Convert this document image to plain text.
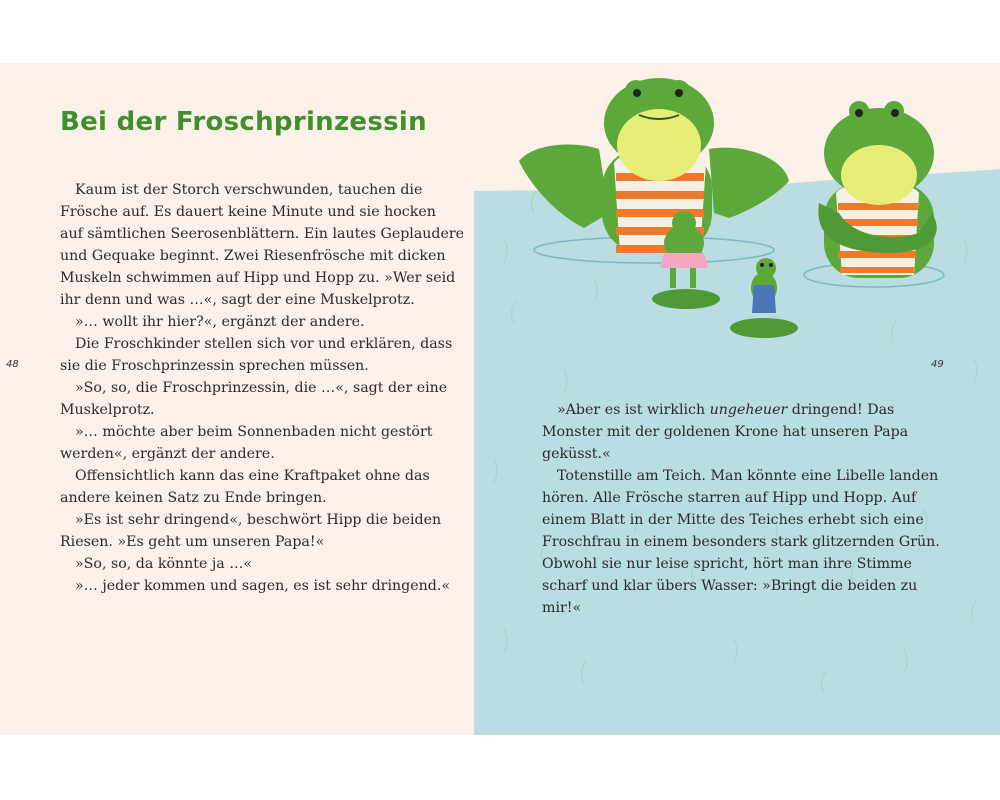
Bei der Froschprinzessin

Kaum ist der Storch verschwunden, tauchen die

Frösche auf. Es dauert keine Minute und sie hocken

auf sämtlichen Seerosenblättern. Ein lautes Geplaudere

und Gequake beginnt. Zwei Riesenfrösche mit dicken

Muskeln schwimmen auf Hipp und Hopp zu. »Wer seid

ihr denn und was …«, sagt der eine Muskelprotz.

»… wollt ihr hier?«, ergänzt der andere.

Die Froschkinder stellen sich vor und erklären, dass

sie die Froschprinzessin sprechen müssen.

»So, so, die Froschprinzessin, die …«, sagt der eine

Muskelprotz.

»… möchte aber beim Sonnenbaden nicht gestört

werden«, ergänzt der andere.

Offensichtlich kann das eine Kraftpaket ohne das

andere keinen Satz zu Ende bringen.

»Es ist sehr dringend«, beschwört Hipp die beiden

Riesen. »Es geht um unseren Papa!«

»So, so, da könnte ja …«

»… jeder kommen und sagen, es ist sehr dringend.«

48

»Aber es ist wirklich ungeheuer dringend! Das

Monster mit der goldenen Krone hat unseren Papa

geküsst.«

Totenstille am Teich. Man könnte eine Libelle landen

hören. Alle Frösche starren auf Hipp und Hopp. Auf

einem Blatt in der Mitte des Teiches erhebt sich eine

Froschfrau in einem besonders stark glitzernden Grün.

Obwohl sie nur leise spricht, hört man ihre Stimme

scharf und klar übers Wasser: »Bringt die beiden zu

mir!«

49
